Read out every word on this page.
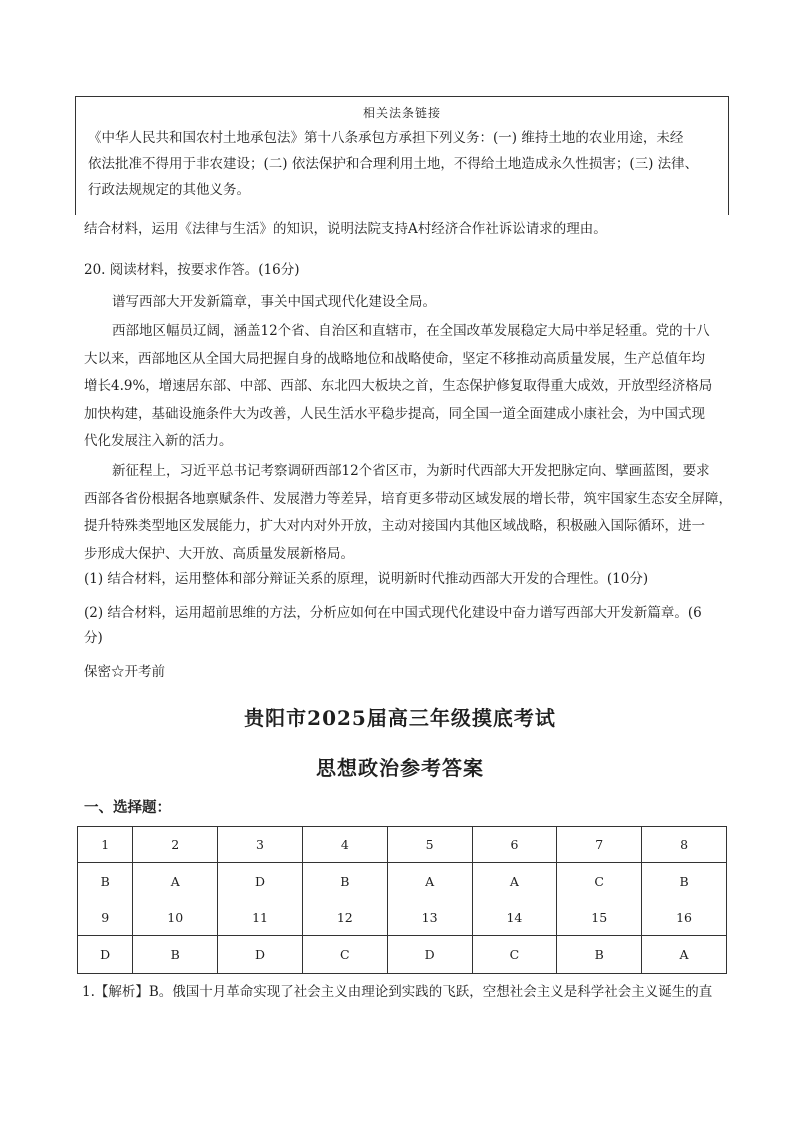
相关法条链接
《中华人民共和国农村土地承包法》第十八条承包方承担下列义务：(一) 维持土地的农业用途，未经
依法批准不得用于非农建设；(二) 依法保护和合理利用土地，不得给土地造成永久性损害；(三) 法律、
行政法规规定的其他义务。
结合材料，运用《法律与生活》的知识，说明法院支持A村经济合作社诉讼请求的理由。
20. 阅读材料，按要求作答。(16分)
谱写西部大开发新篇章，事关中国式现代化建设全局。
西部地区幅员辽阔，涵盖12个省、自治区和直辖市，在全国改革发展稳定大局中举足轻重。党的十八
大以来，西部地区从全国大局把握自身的战略地位和战略使命，坚定不移推动高质量发展，生产总值年均
增长4.9%，增速居东部、中部、西部、东北四大板块之首，生态保护修复取得重大成效，开放型经济格局
加快构建，基础设施条件大为改善，人民生活水平稳步提高，同全国一道全面建成小康社会，为中国式现
代化发展注入新的活力。
新征程上，习近平总书记考察调研西部12个省区市，为新时代西部大开发把脉定向、擘画蓝图，要求
西部各省份根据各地禀赋条件、发展潜力等差异，培育更多带动区域发展的增长带，筑牢国家生态安全屏障，
提升特殊类型地区发展能力，扩大对内对外开放，主动对接国内其他区域战略，积极融入国际循环，进一
步形成大保护、大开放、高质量发展新格局。
(1) 结合材料，运用整体和部分辩证关系的原理，说明新时代推动西部大开发的合理性。(10分)
(2) 结合材料，运用超前思维的方法，分析应如何在中国式现代化建设中奋力谱写西部大开发新篇章。(6
分)
保密☆开考前
贵阳市2025届高三年级摸底考试
思想政治参考答案
一、选择题：
1	2	3	4	5	6	7	8
B	A	D	B	A	A	C	B
9	10	11	12	13	14	15	16
D	B	D	C	D	C	B	A
1.【解析】B。俄国十月革命实现了社会主义由理论到实践的飞跃，空想社会主义是科学社会主义诞生的直
